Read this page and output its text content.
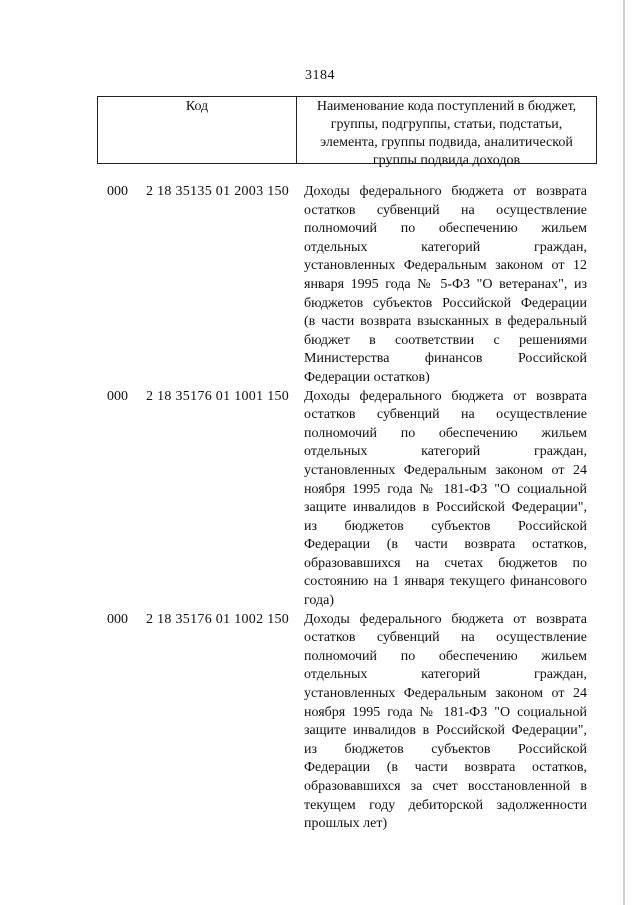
3184
Код	Наименование кода поступлений в бюджет,
группы, подгруппы, статьи, подстатьи,
элемента, группы подвида, аналитической
группы подвида доходов
000 2 18 35135 01 2003 150 Доходы федерального бюджета от возврата
остатков субвенций на осуществление
полномочий по обеспечению жильем
отдельных категорий граждан,
установленных Федеральным законом от 12
января 1995 года № 5-ФЗ "О ветеранах", из
бюджетов субъектов Российской Федерации
(в части возврата взысканных в федеральный
бюджет в соответствии с решениями
Министерства финансов Российской
Федерации остатков)
000 2 18 35176 01 1001 150 Доходы федерального бюджета от возврата
остатков субвенций на осуществление
полномочий по обеспечению жильем
отдельных категорий граждан,
установленных Федеральным законом от 24
ноября 1995 года № 181-ФЗ "О социальной
защите инвалидов в Российской Федерации",
из бюджетов субъектов Российской
Федерации (в части возврата остатков,
образовавшихся на счетах бюджетов по
состоянию на 1 января текущего финансового
года)
000 2 18 35176 01 1002 150 Доходы федерального бюджета от возврата
остатков субвенций на осуществление
полномочий по обеспечению жильем
отдельных категорий граждан,
установленных Федеральным законом от 24
ноября 1995 года № 181-ФЗ "О социальной
защите инвалидов в Российской Федерации",
из бюджетов субъектов Российской
Федерации (в части возврата остатков,
образовавшихся за счет восстановленной в
текущем году дебиторской задолженности
прошлых лет)
